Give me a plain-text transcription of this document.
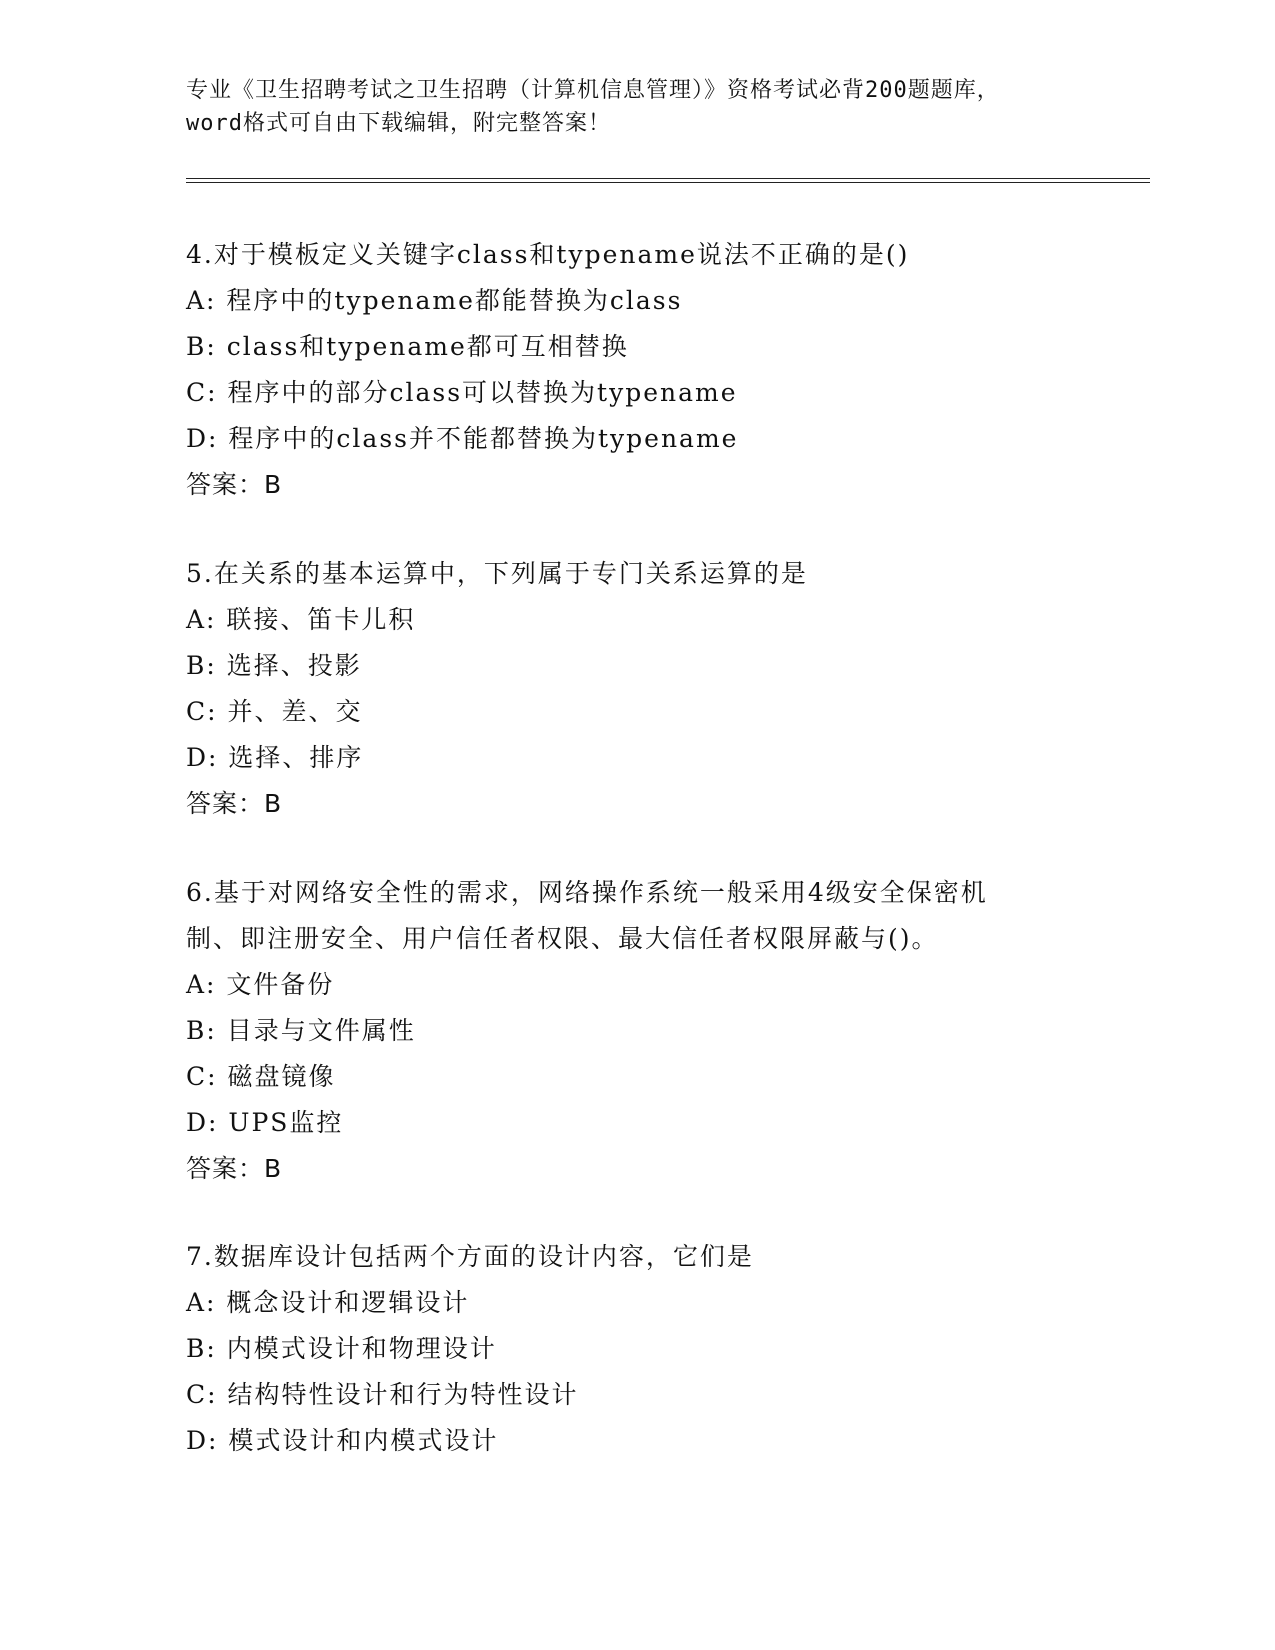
专业《卫生招聘考试之卫生招聘（计算机信息管理）》资格考试必背200题题库，
word格式可自由下载编辑，附完整答案！
4.对于模板定义关键字class和typename说法不正确的是()
A: 程序中的typename都能替换为class
B: class和typename都可互相替换
C: 程序中的部分class可以替换为typename
D: 程序中的class并不能都替换为typename
答案：B
5.在关系的基本运算中，下列属于专门关系运算的是
A: 联接、笛卡儿积
B: 选择、投影
C: 并、差、交
D: 选择、排序
答案：B
6.基于对网络安全性的需求，网络操作系统一般采用4级安全保密机
制、即注册安全、用户信任者权限、最大信任者权限屏蔽与()。
A: 文件备份
B: 目录与文件属性
C: 磁盘镜像
D: UPS监控
答案：B
7.数据库设计包括两个方面的设计内容，它们是
A: 概念设计和逻辑设计
B: 内模式设计和物理设计
C: 结构特性设计和行为特性设计
D: 模式设计和内模式设计
